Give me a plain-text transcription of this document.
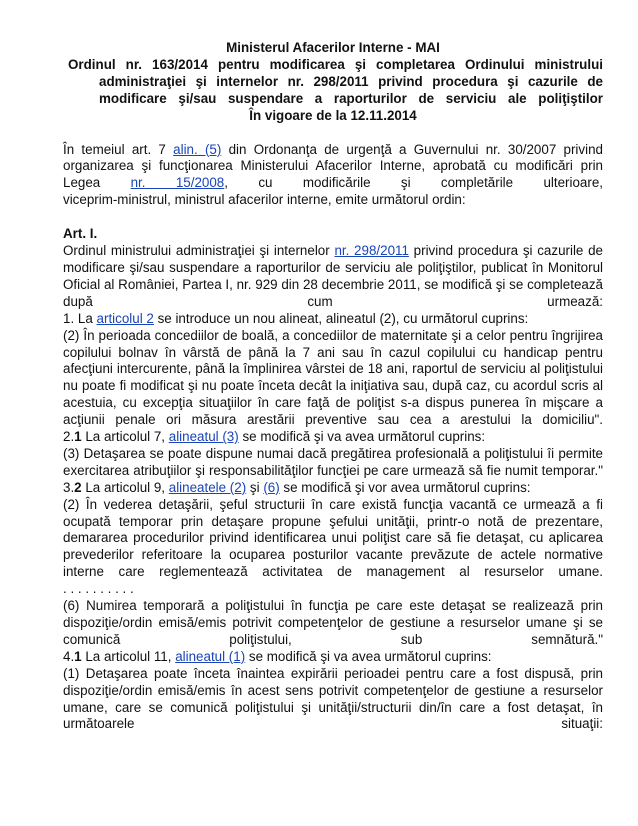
Ministerul Afacerilor Interne - MAI
Ordinul nr. 163/2014 pentru modificarea şi completarea Ordinului ministrului administraţiei şi internelor nr. 298/2011 privind procedura şi cazurile de modificare şi/sau suspendare a raporturilor de serviciu ale poliţiştilor
În vigoare de la 12.11.2014
În temeiul art. 7 alin. (5) din Ordonanţa de urgenţă a Guvernului nr. 30/2007 privind organizarea şi funcţionarea Ministerului Afacerilor Interne, aprobată cu modificări prin Legea nr. 15/2008, cu modificările şi completările ulterioare,
viceprim-ministrul, ministrul afacerilor interne, emite următorul ordin:
Art. I.
Ordinul ministrului administraţiei şi internelor nr. 298/2011 privind procedura şi cazurile de modificare şi/sau suspendare a raporturilor de serviciu ale poliţiştilor, publicat în Monitorul Oficial al României, Partea I, nr. 929 din 28 decembrie 2011, se modifică şi se completează după cum urmează:
1. La articolul 2 se introduce un nou alineat, alineatul (2), cu următorul cuprins:
(2) În perioada concediilor de boală, a concediilor de maternitate şi a celor pentru îngrijirea copilului bolnav în vârstă de până la 7 ani sau în cazul copilului cu handicap pentru afecţiuni intercurente, până la împlinirea vârstei de 18 ani, raportul de serviciu al poliţistului nu poate fi modificat şi nu poate înceta decât la iniţiativa sau, după caz, cu acordul scris al acestuia, cu excepţia situaţiilor în care faţă de poliţist s-a dispus punerea în mişcare a acţiunii penale ori măsura arestării preventive sau cea a arestului la domiciliu".
2.1 La articolul 7, alineatul (3) se modifică şi va avea următorul cuprins:
(3) Detaşarea se poate dispune numai dacă pregătirea profesională a poliţistului îi permite exercitarea atribuţiilor şi responsabilităţilor funcţiei pe care urmează să fie numit temporar."
3.2 La articolul 9, alineatele (2) şi (6) se modifică şi vor avea următorul cuprins:
(2) În vederea detaşării, şeful structurii în care există funcţia vacantă ce urmează a fi ocupată temporar prin detaşare propune şefului unităţii, printr-o notă de prezentare, demararea procedurilor privind identificarea unui poliţist care să fie detaşat, cu aplicarea prevederilor referitoare la ocuparea posturilor vacante prevăzute de actele normative interne care reglementează activitatea de management al resurselor umane.
. . . . . . . . . .
(6) Numirea temporară a poliţistului în funcţia pe care este detaşat se realizează prin dispoziţie/ordin emisă/emis potrivit competenţelor de gestiune a resurselor umane şi se comunică poliţistului, sub semnătură."
4.1 La articolul 11, alineatul (1) se modifică şi va avea următorul cuprins:
(1) Detaşarea poate înceta înaintea expirării perioadei pentru care a fost dispusă, prin dispoziţie/ordin emisă/emis în acest sens potrivit competenţelor de gestiune a resurselor umane, care se comunică poliţistului şi unităţii/structurii din/în care a fost detaşat, în următoarele situaţii:
